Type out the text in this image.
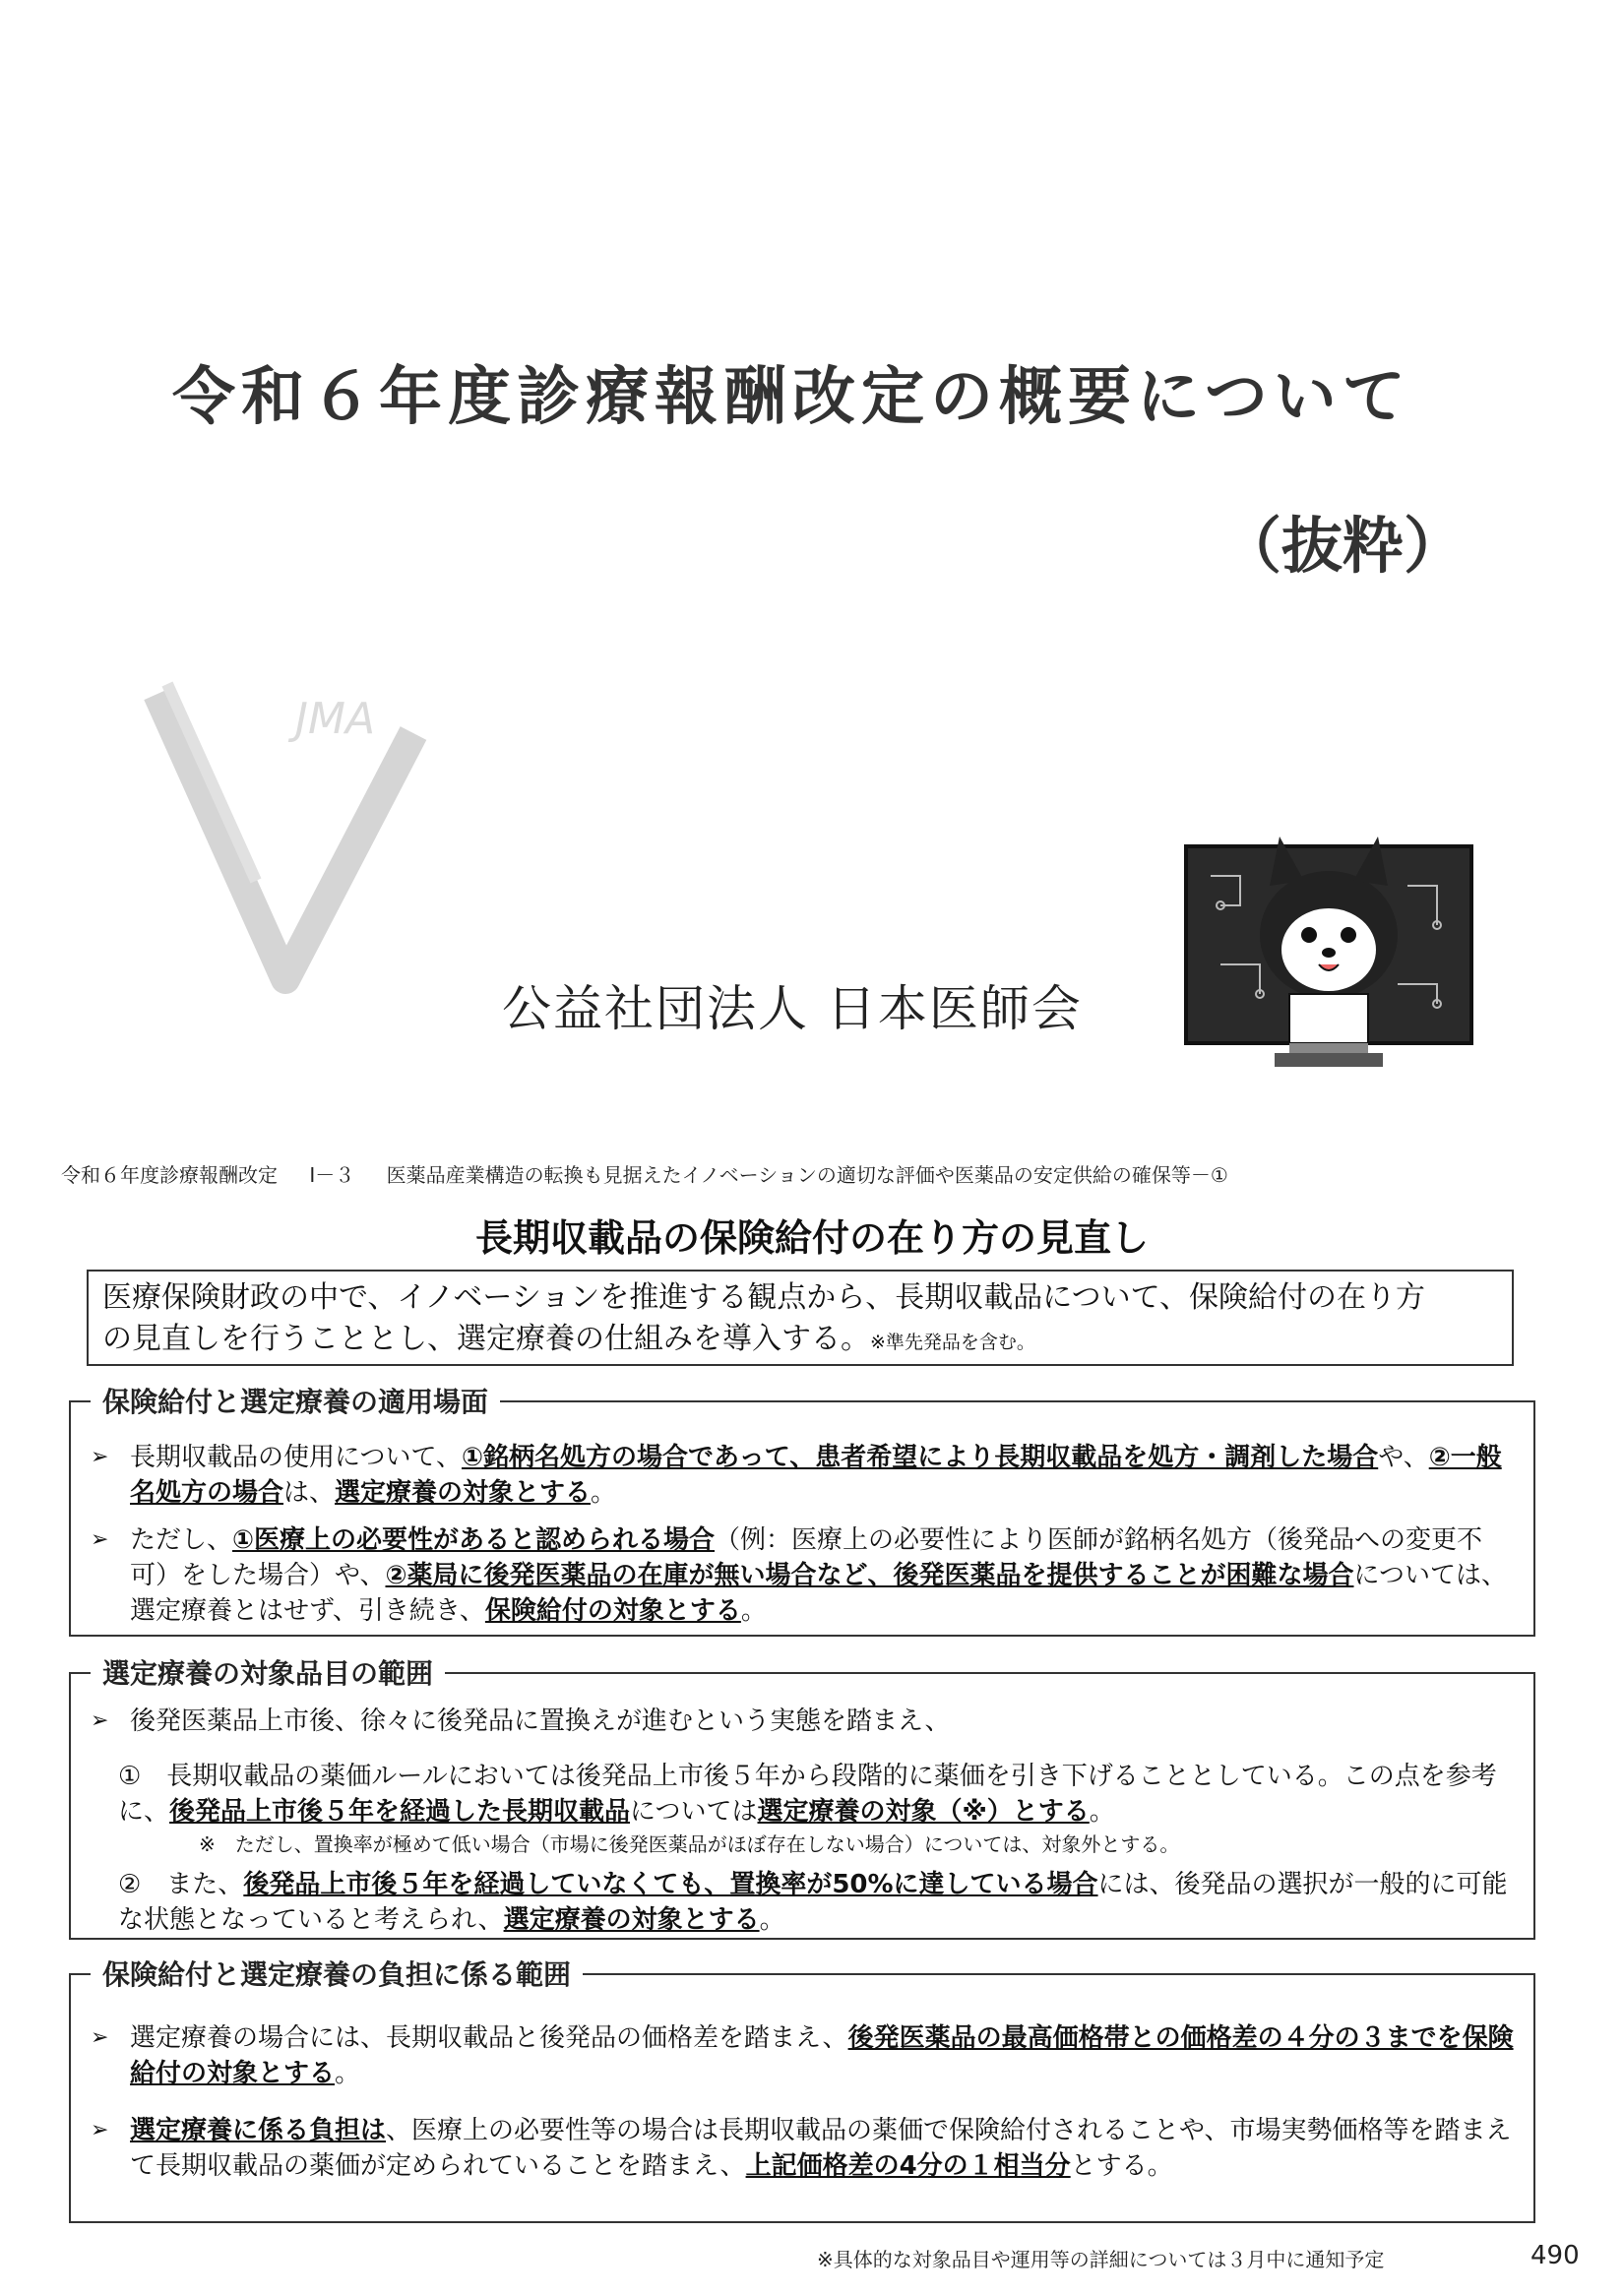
令和６年度診療報酬改定の概要について
（抜粋）
JMA
公益社団法人 日本医師会
令和６年度診療報酬改定 Ⅰ－３ 医薬品産業構造の転換も見据えたイノベーションの適切な評価や医薬品の安定供給の確保等－①
長期収載品の保険給付の在り方の見直し
医療保険財政の中で、イノベーションを推進する観点から、長期収載品について、保険給付の在り方
の見直しを行うこととし、選定療養の仕組みを導入する。※準先発品を含む。
保険給付と選定療養の適用場面
➢ 長期収載品の使用について、①銘柄名処方の場合であって、患者希望により長期収載品を処方・調剤した場合や、②一般名処方の場合は、選定療養の対象とする。
➢ ただし、①医療上の必要性があると認められる場合（例：医療上の必要性により医師が銘柄名処方（後発品への変更不可）をした場合）や、②薬局に後発医薬品の在庫が無い場合など、後発医薬品を提供することが困難な場合については、選定療養とはせず、引き続き、保険給付の対象とする。
選定療養の対象品目の範囲
➢ 後発医薬品上市後、徐々に後発品に置換えが進むという実態を踏まえ、
①　長期収載品の薬価ルールにおいては後発品上市後５年から段階的に薬価を引き下げることとしている。この点を参考に、後発品上市後５年を経過した長期収載品については選定療養の対象（※）とする。
※　ただし、置換率が極めて低い場合（市場に後発医薬品がほぼ存在しない場合）については、対象外とする。
②　また、後発品上市後５年を経過していなくても、置換率が50%に達している場合には、後発品の選択が一般的に可能な状態となっていると考えられ、選定療養の対象とする。
保険給付と選定療養の負担に係る範囲
➢ 選定療養の場合には、長期収載品と後発品の価格差を踏まえ、後発医薬品の最高価格帯との価格差の４分の３までを保険給付の対象とする。
➢ 選定療養に係る負担は、医療上の必要性等の場合は長期収載品の薬価で保険給付されることや、市場実勢価格等を踏まえて長期収載品の薬価が定められていることを踏まえ、上記価格差の4分の１相当分とする。
※具体的な対象品目や運用等の詳細については３月中に通知予定	490
